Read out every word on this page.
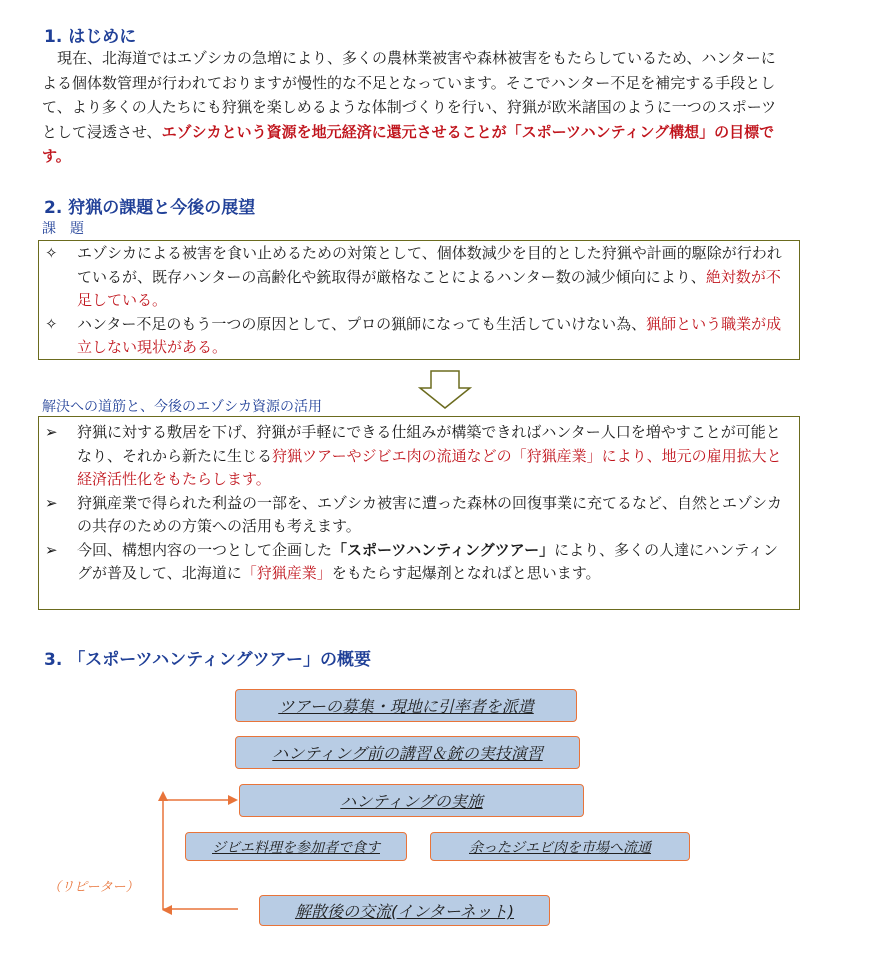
1. はじめに
　現在、北海道ではエゾシカの急増により、多くの農林業被害や森林被害をもたらしているため、ハンターによる個体数管理が行われておりますが慢性的な不足となっています。そこでハンター不足を補完する手段として、より多くの人たちにも狩猟を楽しめるような体制づくりを行い、狩猟が欧米諸国のように一つのスポーツとして浸透させ、エゾシカという資源を地元経済に還元させることが「スポーツハンティング構想」の目標です。
2. 狩猟の課題と今後の展望
課　題
✧ エゾシカによる被害を食い止めるための対策として、個体数減少を目的とした狩猟や計画的駆除が行われているが、既存ハンターの高齢化や銃取得が厳格なことによるハンター数の減少傾向により、絶対数が不足している。
✧ ハンター不足のもう一つの原因として、プロの猟師になっても生活していけない為、猟師という職業が成立しない現状がある。
解決への道筋と、今後のエゾシカ資源の活用
➢ 狩猟に対する敷居を下げ、狩猟が手軽にできる仕組みが構築できればハンター人口を増やすことが可能となり、それから新たに生じる狩猟ツアーやジビエ肉の流通などの「狩猟産業」により、地元の雇用拡大と経済活性化をもたらします。
➢ 狩猟産業で得られた利益の一部を、エゾシカ被害に遭った森林の回復事業に充てるなど、自然とエゾシカの共存のための方策への活用も考えます。
➢ 今回、構想内容の一つとして企画した「スポーツハンティングツアー」により、多くの人達にハンティングが普及して、北海道に「狩猟産業」をもたらす起爆剤となればと思います。
3. 「スポーツハンティングツアー」の概要
ツアーの募集・現地に引率者を派遣
ハンティング前の講習＆銃の実技演習
ハンティングの実施
ジビエ料理を参加者で食す	余ったジエビ肉を市場へ流通
解散後の交流(インターネット)
（リピーター）
